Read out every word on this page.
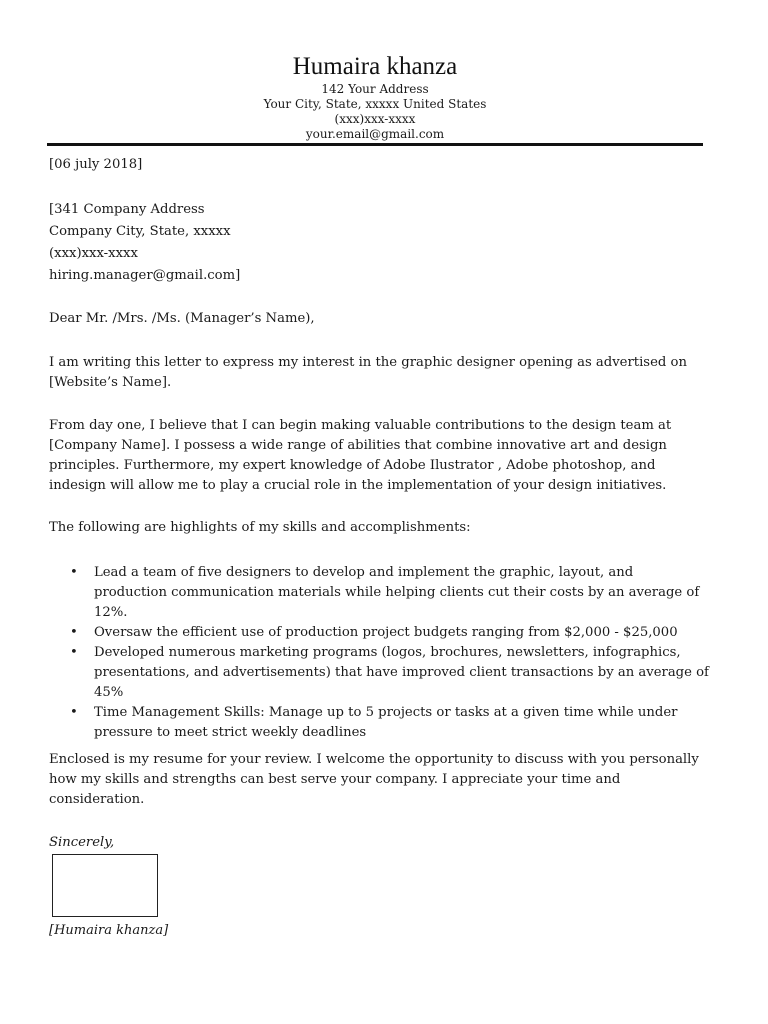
Humaira khanza
142 Your Address
Your City, State, xxxxx United States
(xxx)xxx-xxxx
your.email@gmail.com

[06 july 2018]

[341 Company Address
Company City, State, xxxxx
(xxx)xxx-xxxx
hiring.manager@gmail.com]

Dear Mr. /Mrs. /Ms. (Manager’s Name),

I am writing this letter to express my interest in the graphic designer opening as advertised on [Website’s Name].

From day one, I believe that I can begin making valuable contributions to the design team at [Company Name]. I possess a wide range of abilities that combine innovative art and design principles. Furthermore, my expert knowledge of Adobe Ilustrator , Adobe photoshop, and indesign will allow me to play a crucial role in the implementation of your design initiatives.

The following are highlights of my skills and accomplishments:

• Lead a team of five designers to develop and implement the graphic, layout, and production communication materials while helping clients cut their costs by an average of 12%.
• Oversaw the efficient use of production project budgets ranging from $2,000 - $25,000
• Developed numerous marketing programs (logos, brochures, newsletters, infographics, presentations, and advertisements) that have improved client transactions by an average of 45%
• Time Management Skills: Manage up to 5 projects or tasks at a given time while under pressure to meet strict weekly deadlines

Enclosed is my resume for your review. I welcome the opportunity to discuss with you personally how my skills and strengths can best serve your company. I appreciate your time and consideration.

Sincerely,

[Humaira khanza]
